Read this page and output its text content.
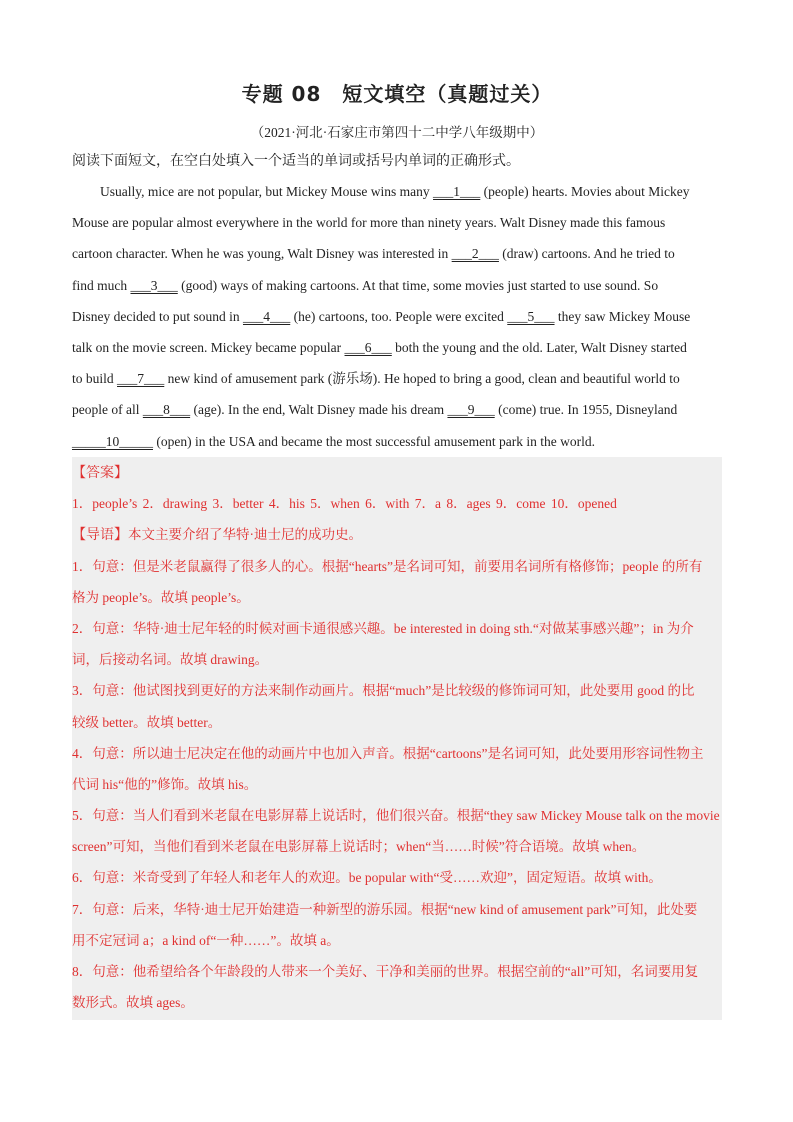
专题 08　短文填空（真题过关）
（2021·河北·石家庄市第四十二中学八年级期中）
阅读下面短文，在空白处填入一个适当的单词或括号内单词的正确形式。
Usually, mice are not popular, but Mickey Mouse wins many ___1___ (people) hearts. Movies about Mickey
Mouse are popular almost everywhere in the world for more than ninety years. Walt Disney made this famous
cartoon character. When he was young, Walt Disney was interested in ___2___ (draw) cartoons. And he tried to
find much ___3___ (good) ways of making cartoons. At that time, some movies just started to use sound. So
Disney decided to put sound in ___4___ (he) cartoons, too. People were excited ___5___ they saw Mickey Mouse
talk on the movie screen. Mickey became popular ___6___ both the young and the old. Later, Walt Disney started
to build ___7___ new kind of amusement park (游乐场). He hoped to bring a good, clean and beautiful world to
people of all ___8___ (age). In the end, Walt Disney made his dream ___9___ (come) true. In 1955, Disneyland
_____10_____ (open) in the USA and became the most successful amusement park in the world.
【答案】
1．people’s 2．drawing 3．better 4．his 5．when 6．with 7．a 8．ages 9．come 10．opened
【导语】本文主要介绍了华特·迪士尼的成功史。
1．句意：但是米老鼠赢得了很多人的心。根据“hearts”是名词可知，前要用名词所有格修饰；people 的所有
格为 people’s。故填 people’s。
2．句意：华特·迪士尼年轻的时候对画卡通很感兴趣。be interested in doing sth.“对做某事感兴趣”；in 为介
词，后接动名词。故填 drawing。
3．句意：他试图找到更好的方法来制作动画片。根据“much”是比较级的修饰词可知，此处要用 good 的比
较级 better。故填 better。
4．句意：所以迪士尼决定在他的动画片中也加入声音。根据“cartoons”是名词可知，此处要用形容词性物主
代词 his“他的”修饰。故填 his。
5．句意：当人们看到米老鼠在电影屏幕上说话时，他们很兴奋。根据“they saw Mickey Mouse talk on the movie
screen”可知，当他们看到米老鼠在电影屏幕上说话时；when“当……时候”符合语境。故填 when。
6．句意：米奇受到了年轻人和老年人的欢迎。be popular with“受……欢迎”，固定短语。故填 with。
7．句意：后来，华特·迪士尼开始建造一种新型的游乐园。根据“new kind of amusement park”可知，此处要
用不定冠词 a；a kind of“一种……”。故填 a。
8．句意：他希望给各个年龄段的人带来一个美好、干净和美丽的世界。根据空前的“all”可知，名词要用复
数形式。故填 ages。
